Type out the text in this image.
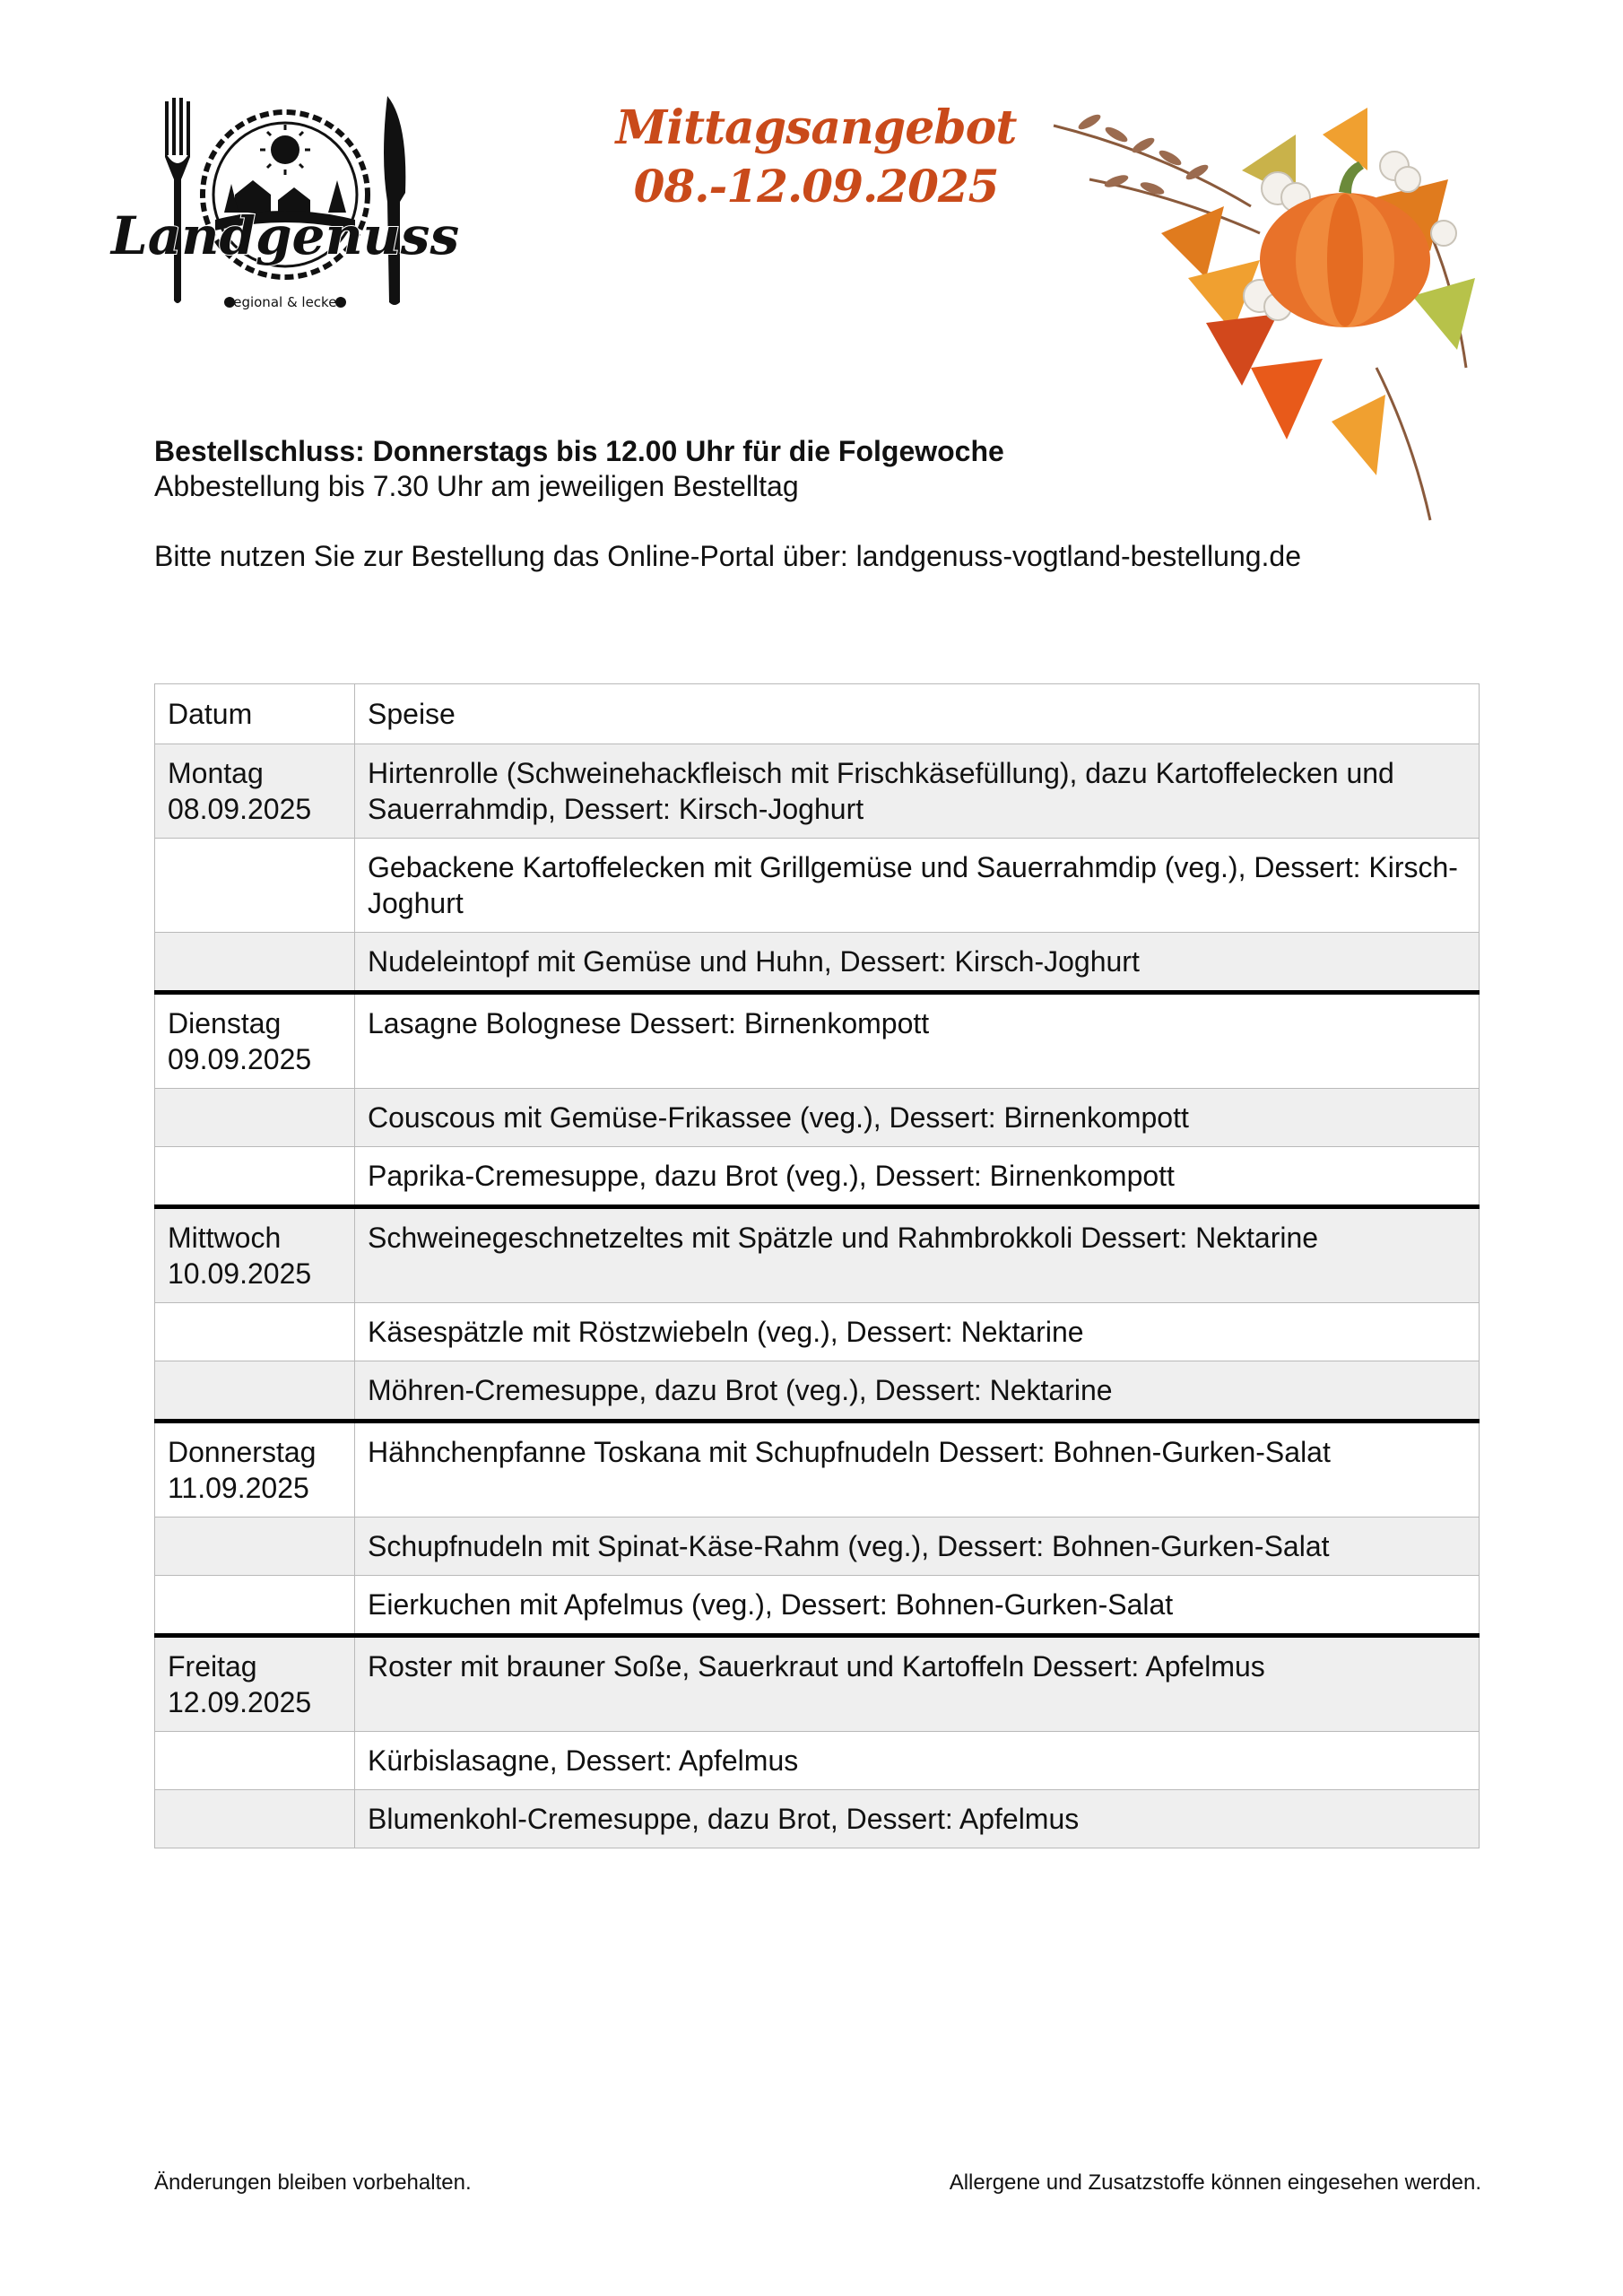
Landgenuss
regional & lecker
Mittagsangebot
08.-12.09.2025
Bestellschluss: Donnerstags bis 12.00 Uhr für die Folgewoche
Abbestellung bis 7.30 Uhr am jeweiligen Bestelltag
Bitte nutzen Sie zur Bestellung das Online-Portal über: landgenuss-vogtland-bestellung.de
Datum	Speise

Montag
08.09.2025	Hirtenrolle (Schweinehackfleisch mit Frischkäsefüllung), dazu Kartoffelecken und Sauerrahmdip, Dessert: Kirsch-Joghurt
	Gebackene Kartoffelecken mit Grillgemüse und Sauerrahmdip (veg.), Dessert: Kirsch-Joghurt
	Nudeleintopf mit Gemüse und Huhn, Dessert: Kirsch-Joghurt

Dienstag
09.09.2025	Lasagne Bolognese Dessert: Birnenkompott
	Couscous mit Gemüse-Frikassee (veg.), Dessert: Birnenkompott
	Paprika-Cremesuppe, dazu Brot (veg.), Dessert: Birnenkompott

Mittwoch
10.09.2025	Schweinegeschnetzeltes mit Spätzle und Rahmbrokkoli Dessert: Nektarine
	Käsespätzle mit Röstzwiebeln (veg.), Dessert: Nektarine
	Möhren-Cremesuppe, dazu Brot (veg.), Dessert: Nektarine

Donnerstag
11.09.2025	Hähnchenpfanne Toskana mit Schupfnudeln Dessert: Bohnen-Gurken-Salat
	Schupfnudeln mit Spinat-Käse-Rahm (veg.), Dessert: Bohnen-Gurken-Salat
	Eierkuchen mit Apfelmus (veg.), Dessert: Bohnen-Gurken-Salat

Freitag
12.09.2025	Roster mit brauner Soße, Sauerkraut und Kartoffeln Dessert: Apfelmus
	Kürbislasagne, Dessert: Apfelmus
	Blumenkohl-Cremesuppe, dazu Brot, Dessert: Apfelmus
Änderungen bleiben vorbehalten.	Allergene und Zusatzstoffe können eingesehen werden.
